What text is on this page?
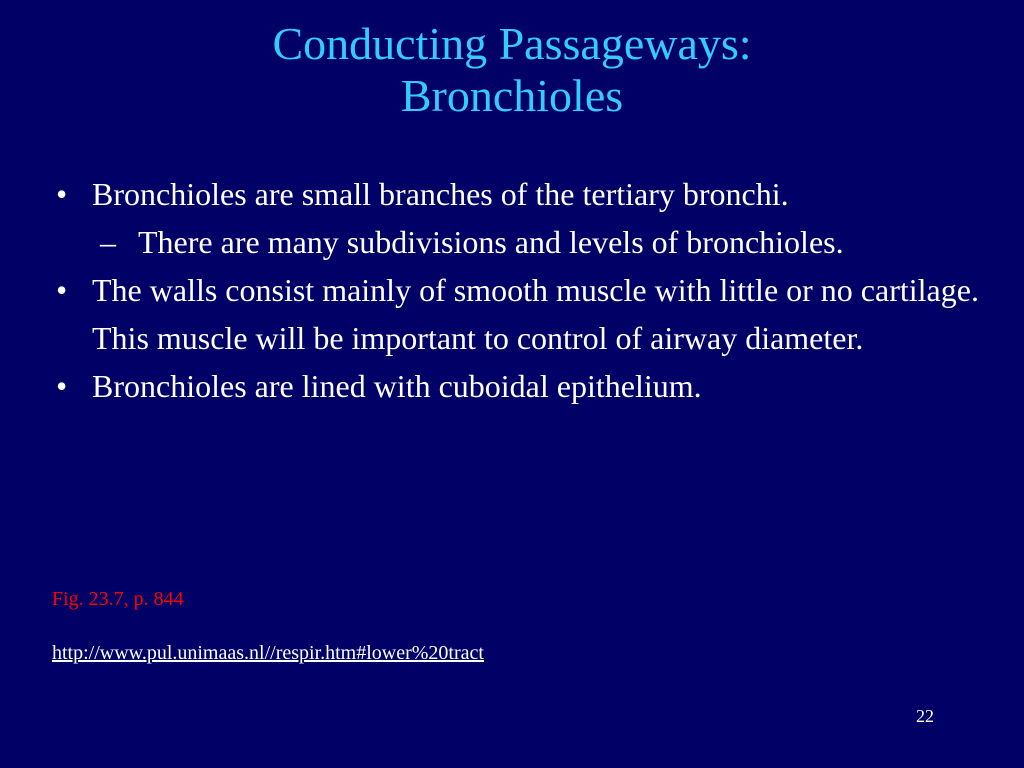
Conducting Passageways:
Bronchioles
• Bronchioles are small branches of the tertiary bronchi.
– There are many subdivisions and levels of bronchioles.
• The walls consist mainly of smooth muscle with little or no cartilage. This muscle will be important to control of airway diameter.
• Bronchioles are lined with cuboidal epithelium.
Fig. 23.7, p. 844
http://www.pul.unimaas.nl//respir.htm#lower%20tract
22
